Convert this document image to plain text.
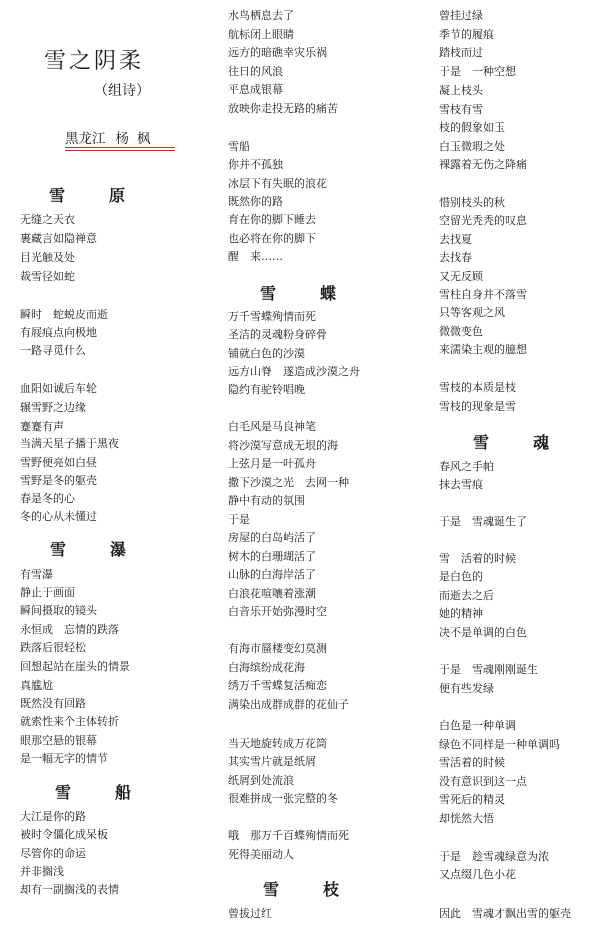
雪之阴柔
（组诗）
黑龙江 杨 枫
雪　原
无缝之天衣
裹藏言如隐禅意
目光触及处
裁雪径如蛇
瞬时　蛇蜕皮而逝
有屐痕点向极地
一路寻觅什么
血阳如诚后车轮
辗雪野之边缘
蹇蹇有声
当满天星子播于黑夜
雪野便亮如白昼
雪野是冬的躯壳
春是冬的心
冬的心从未懂过
雪　瀑
有雪瀑
静止于画面
瞬间摄取的镜头
永恒成　忘情的跌落
跌落后很轻松
回想起站在崖头的情景
真尴尬
既然没有回路
就索性来个主体转折
眼那空悬的银幕
是一幅无字的情节
雪　船
大江是你的路
被时令僵化成呆板
尽管你的命运
并非搁浅
却有一副搁浅的表情
水鸟栖息去了
航标闭上眼睛
远方的暗礁幸灾乐祸
往日的风浪
平息成银幕
放映你走投无路的痛苦
雪船
你并不孤独
冰层下有失眠的浪花
既然你的路
育在你的脚下睡去
也必将在你的脚下
醒　来……
雪　蝶
万千雪蝶殉情而死
圣洁的灵魂粉身碎骨
铺就白色的沙漠
远方山脊　遂造成沙漠之舟
隐约有驼铃唱晚
白毛风是马良神笔
将沙漠写意成无垠的海
上弦月是一叶孤舟
撒下沙漠之光　去网一种
静中有动的氛围
于是
房屋的白岛屿活了
树木的白珊瑚活了
山脉的白海岸活了
白浪花喧嚷着涨潮
白音乐开始弥漫时空
有海市蜃楼变幻莫测
白海缤纷成花海
绣万千雪蝶复活痴恋
满染出成群成群的花仙子
当天地旋转成万花筒
其实雪片就是纸屑
纸屑到处流浪
很难拼成一张完整的冬
哦　那万千百蝶殉情而死
死得美丽动人
雪　枝
曾拔过红
曾挂过绿
季节的履痕
踏枝而过
于是　一种空想
凝上枝头
雪枝有雪
枝的假象如玉
白玉微瑕之处
裸露着无伤之降痛
惜别枝头的秋
空留光秃秃的叹息
去找夏
去找春
又无反顾
雪柱自身并不落雪
只等客观之风
微微变色
来濡染主观的臆想
雪枝的本质是枝
雪枝的现象是雪
雪　魂
春风之手帕
抹去雪痕
于是　雪魂诞生了
雪　活着的时候
是白色的
而逝去之后
她的精神
决不是单调的白色
于是　雪魂刚刚诞生
便有些发绿
白色是一种单调
绿色不同样是一种单调吗
雪活着的时候
没有意识到这一点
雪死后的精灵
却恍然大悟
于是　趁雪魂绿意为浓
又点缀几色小花
因此　雪魂才飘出雪的躯壳
